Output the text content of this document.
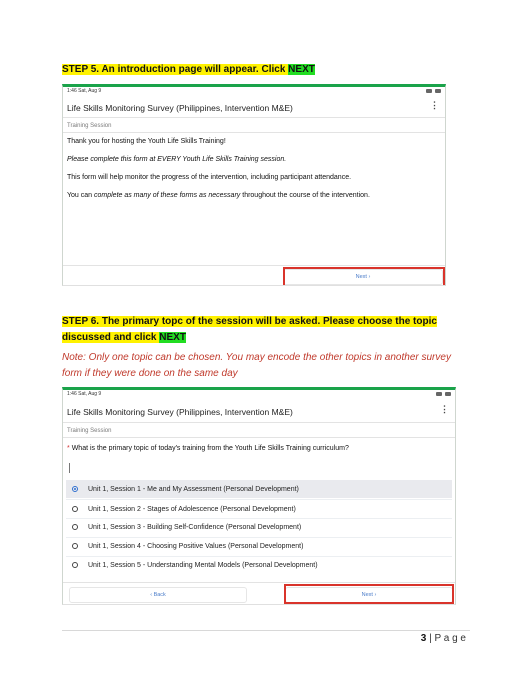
STEP 5. An introduction page will appear. Click NEXT
1:46 Sat, Aug 9
Life Skills Monitoring Survey (Philippines, Intervention M&E)	⋮
Training Session
Thank you for hosting the Youth Life Skills Training!
Please complete this form at EVERY Youth Life Skills Training session.
This form will help monitor the progress of the intervention, including participant attendance.
You can complete as many of these forms as necessary throughout the course of the intervention.
Next ›
STEP 6. The primary topc of the session will be asked. Please choose the topic
discussed and click NEXT
Note: Only one topic can be chosen. You may encode the other topics in another survey
form if they were done on the same day
1:46 Sat, Aug 9
Life Skills Monitoring Survey (Philippines, Intervention M&E)	⋮
Training Session
* What is the primary topic of today's training from the Youth Life Skills Training curriculum?
Unit 1, Session 1 - Me and My Assessment (Personal Development)
Unit 1, Session 2 - Stages of Adolescence (Personal Development)
Unit 1, Session 3 - Building Self-Confidence (Personal Development)
Unit 1, Session 4 - Choosing Positive Values (Personal Development)
Unit 1, Session 5 - Understanding Mental Models (Personal Development)
‹ Back	Next ›
3 | P a g e
